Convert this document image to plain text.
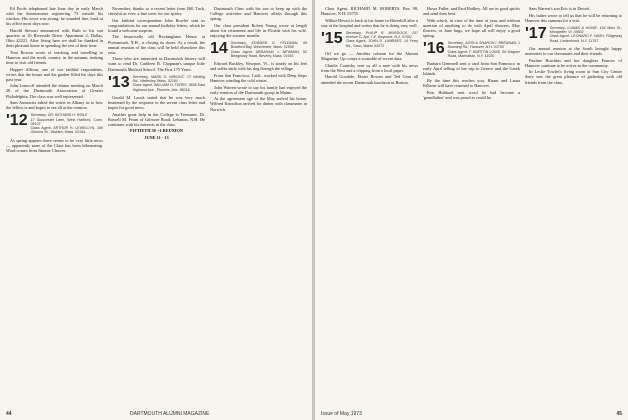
Ed Poole telephoned late June day in early March with the thermometer registering 73 outside his window. His voice was strong; he sounded fine, back at his office most days now.

Harold Stewart announced with Ruth to his son quarters at 10 Riverside Drive, Apartment 2, Dallas, Ohio 43221. After living here we shall be thanked in their pleasant home in spending the rest of their time.

Tom Rowan wrote of teaching and travelling to Hanover and the north country in the autumn, making time to visit old friends.

Hopper Allison, one of our faithful respondents, writes that the house and the garden filled his days this past year.

John Lemcoff attended the dinner meeting on March 20 of the Dartmouth Association of Greater Philadelphia. The class was well represented.

Sam Armowitz asked the writer in Albany as to how the fellow is and hopes to see all at the reunion.

'12 Secretary, DR. RICHARD H. RIDLE
17 Gloucester Lane, West Hartford, Conn. 06107
Class Agent, ARTHUR H. LEWELLYN, 159 Gilmore St., Walden, Mass. 02154

As spring appears there seems to be very little news — apparently none of the Class has been hibernating. Word comes from Jimmie Cleaver.

November, thanks to a recent letter from Bill Tuck, cheerful as ever; a fine tonic for our spirits.

Our faithful correspondent John Bowler sent us congratulations for our annual birthday letters, which he found a welcome surprise.

The historically old Rockingham House at Portsmouth, N.H., is closing its doors. As a result, the annual reunion of the class will be held elsewhere this year.

Those who are interested in Dartmouth history will want to read Dr. Cathleen B. Chapman's unique little Dartmouth Medical School: The First 175 Years.

'13 Secretary, MARK S. WRIGHT, 73 Whiting Rd., Wellesley, Mass. 02181
Class Agent, WILLIAM H. TERRY, 3838 East Highland Ave., Phoenix, Ariz. 85018

Gerald M. Lauck stated that he was very much heartened by the response to the recent class letter and hopes for good news.

Another great help in the College is Treasurer, Dr. Russell M. Fearn of Gilmore Road, Lebanon, N.H. He continues with his interests in the class.

FIFTIETH 50 +1 REUNION

JUNE 11 - 13

Dartmouth Class with his son to keep up with the College activities and Hanover affairs through this spring.

Our class president Robert Young wrote at length about his retirement and life in Florida with his wife, enjoying the warmer months.

14 Secretary, EDWARD G. FELDMAN, 59 Bradford Bay, Winchester, Mass. 01890
Class Agent, ABRAHAM J. NEWMAN, 52 Bridgeway Road, Beverly, Mass. 01915

Edward Buckley, Newport, Vt., is steady on his feet and walks daily with his dog through the village.

From San Francisco, Calif., worked with Deep Steps Hanover winding the cold winter.

John Warren wrote to say his family had enjoyed the early reunion of the Dartmouth group in Maine.

At the agreement age of the May arrival his home, Wilfred Knowlton arrived for dinner with classmates in Norwich.

44	DARTMOUTH ALUMNI MAGAZINE

Class Agent, RICHARD M. ROBERTS, Box 98, Hanover, N.H. 03755

Wilbur Hewitt is back at his home in Haverhill after a stay at the hospital and writes that he is doing very well.

'15 Secretary, PHILIP R. MURDOCK, 207 Avenue C, Apt. 7-E, Bayonne, N.J. 07002
Class Agent, JOHN R. LAMBERT, 14 Ferry Rd., Saco, Maine 04072

Off we go — Another column for the Alumni Magazine. Up comes a scramble of recent data.

Charlie Comisky sent us all a note with his news from the West and a clipping from a local paper.

Harold Goodale, Elmer Bowen and Ted Goss all attended the recent Dartmouth luncheon in Boston.

Howe Fuller, and Paul Bodkey. All are in good spirits and send their best.

With which, in view of the time of year, and without mention of anything to do with April showers, May flowers, or June bugs, we hope all will enjoy a good spring.

'16 Secretary, JOHN & SHARON I. BRENNAN, 1 Downing Rd., Hanover, N.H. 03755
Class Agent, F. BURTON LOWE, 50 Wagner Road, Manhattan, N.Y. 11030

Barbara Gemmell sent a card from San Francisco in early April telling of her trip to Greece and the Greek Islands.

By the time this reaches you, Hiram and Laura Kilborn will have returned to Hanover.

Ken Hubbard sent word he had become a 'grandfather' and was proud as could be.

Sam Warren's son Eric is in Detroit.

His father wrote to tell us that he will be returning to Hanover this summer for a visit.

'17 Secretary, LUMAN & HOWE, 164 Main St., Montpelier, Vt. 05602
Class Agent, LEONARD F. NASH, Ridgeway Road, Lindenhurst, N.Y. 11757

Our annual reunion at the South brought happy memories to our classmates and their friends.

Pauline Hutchins and her daughter Frances of Hanover continue to be active in the community.

In Leslie Towles's living room at Sun City Center there was the great pleasure of gathering with old friends from the class.

Issue of May 1973	45
